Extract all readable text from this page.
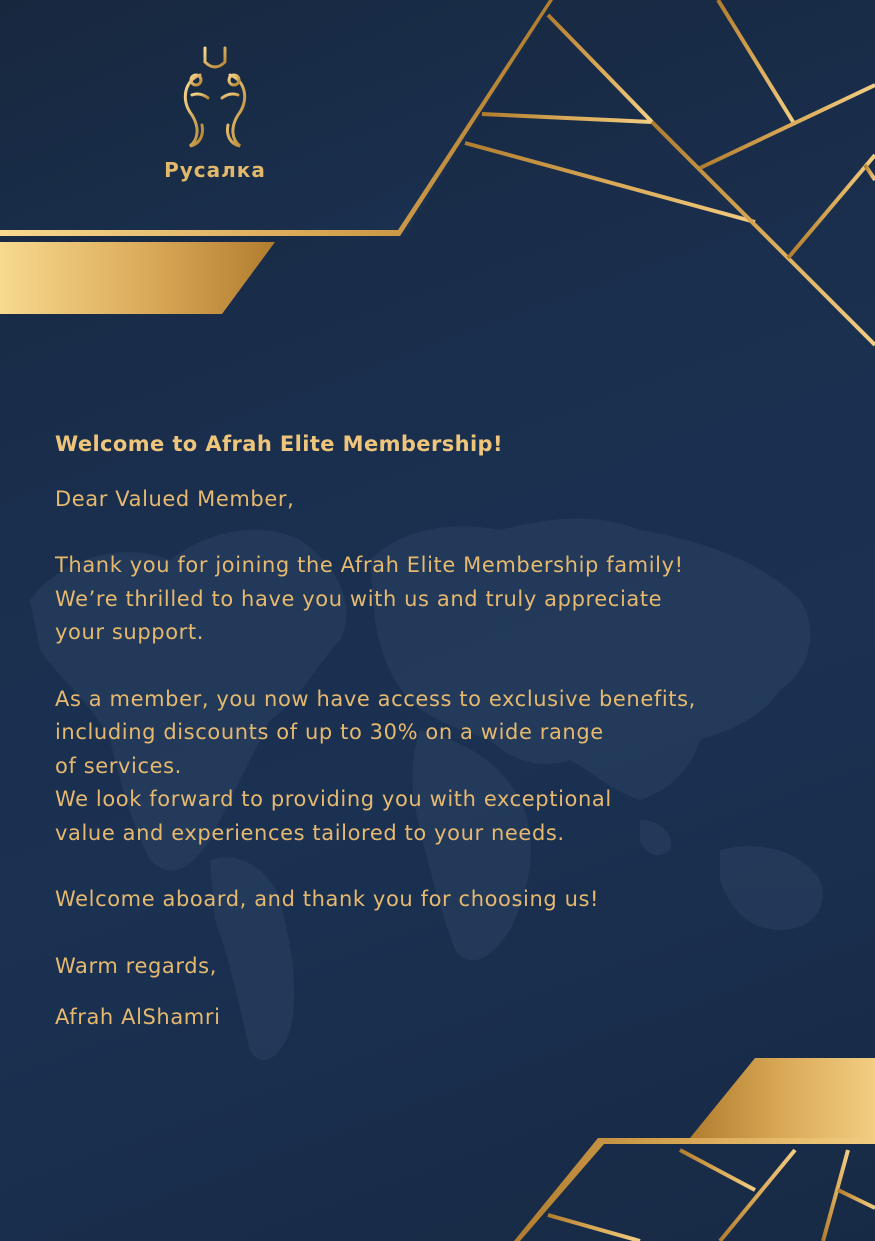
Русалка

Welcome to Afrah Elite Membership!

Dear Valued Member,

Thank you for joining the Afrah Elite Membership family!
We’re thrilled to have you with us and truly appreciate
your support.

As a member, you now have access to exclusive benefits,
including discounts of up to 30% on a wide range
of services.

We look forward to providing you with exceptional
value and experiences tailored to your needs.

Welcome aboard, and thank you for choosing us!

Warm regards,

Afrah AlShamri
